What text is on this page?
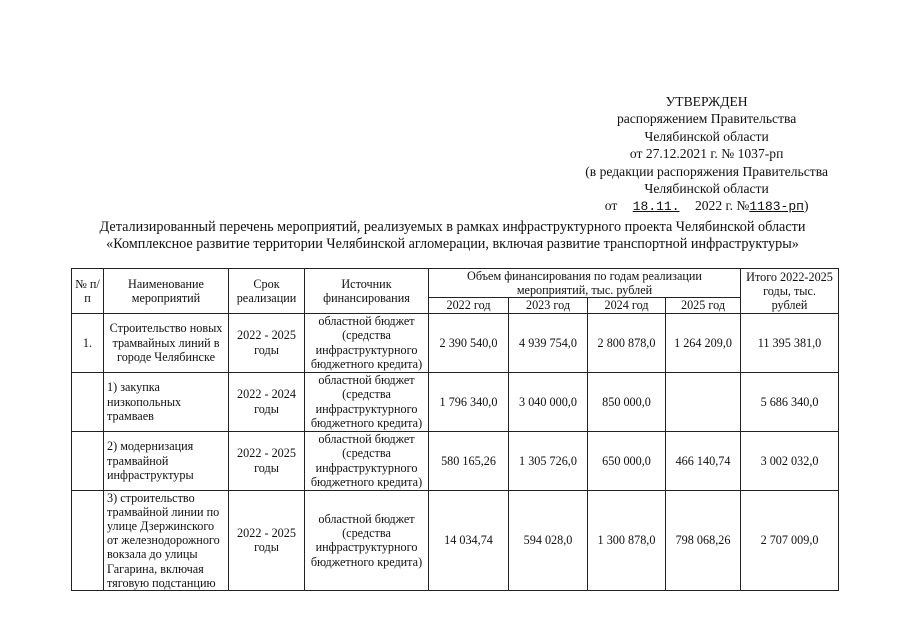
УТВЕРЖДЕН
распоряжением Правительства
Челябинской области
от 27.12.2021 г. № 1037-рп
(в редакции распоряжения Правительства
Челябинской области
от 18.11. 2022 г. №1183-рп)
Детализированный перечень мероприятий, реализуемых в рамках инфраструктурного проекта Челябинской области
«Комплексное развитие территории Челябинской агломерации, включая развитие транспортной инфраструктуры»
№ п/п	Наименование мероприятий	Срок реализации	Источник финансирования	Объем финансирования по годам реализации мероприятий, тыс. рублей				Итого 2022-2025 годы, тыс. рублей
				2022 год	2023 год	2024 год	2025 год	
1.	Строительство новых трамвайных линий в городе Челябинске	2022 - 2025 годы	областной бюджет (средства инфраструктурного бюджетного кредита)	2 390 540,0	4 939 754,0	2 800 878,0	1 264 209,0	11 395 381,0
	1) закупка низкопольных трамваев	2022 - 2024 годы	областной бюджет (средства инфраструктурного бюджетного кредита)	1 796 340,0	3 040 000,0	850 000,0		5 686 340,0
	2) модернизация трамвайной инфраструктуры	2022 - 2025 годы	областной бюджет (средства инфраструктурного бюджетного кредита)	580 165,26	1 305 726,0	650 000,0	466 140,74	3 002 032,0
	3) строительство трамвайной линии по улице Дзержинского от железнодорожного вокзала до улицы Гагарина, включая тяговую подстанцию	2022 - 2025 годы	областной бюджет (средства инфраструктурного бюджетного кредита)	14 034,74	594 028,0	1 300 878,0	798 068,26	2 707 009,0
